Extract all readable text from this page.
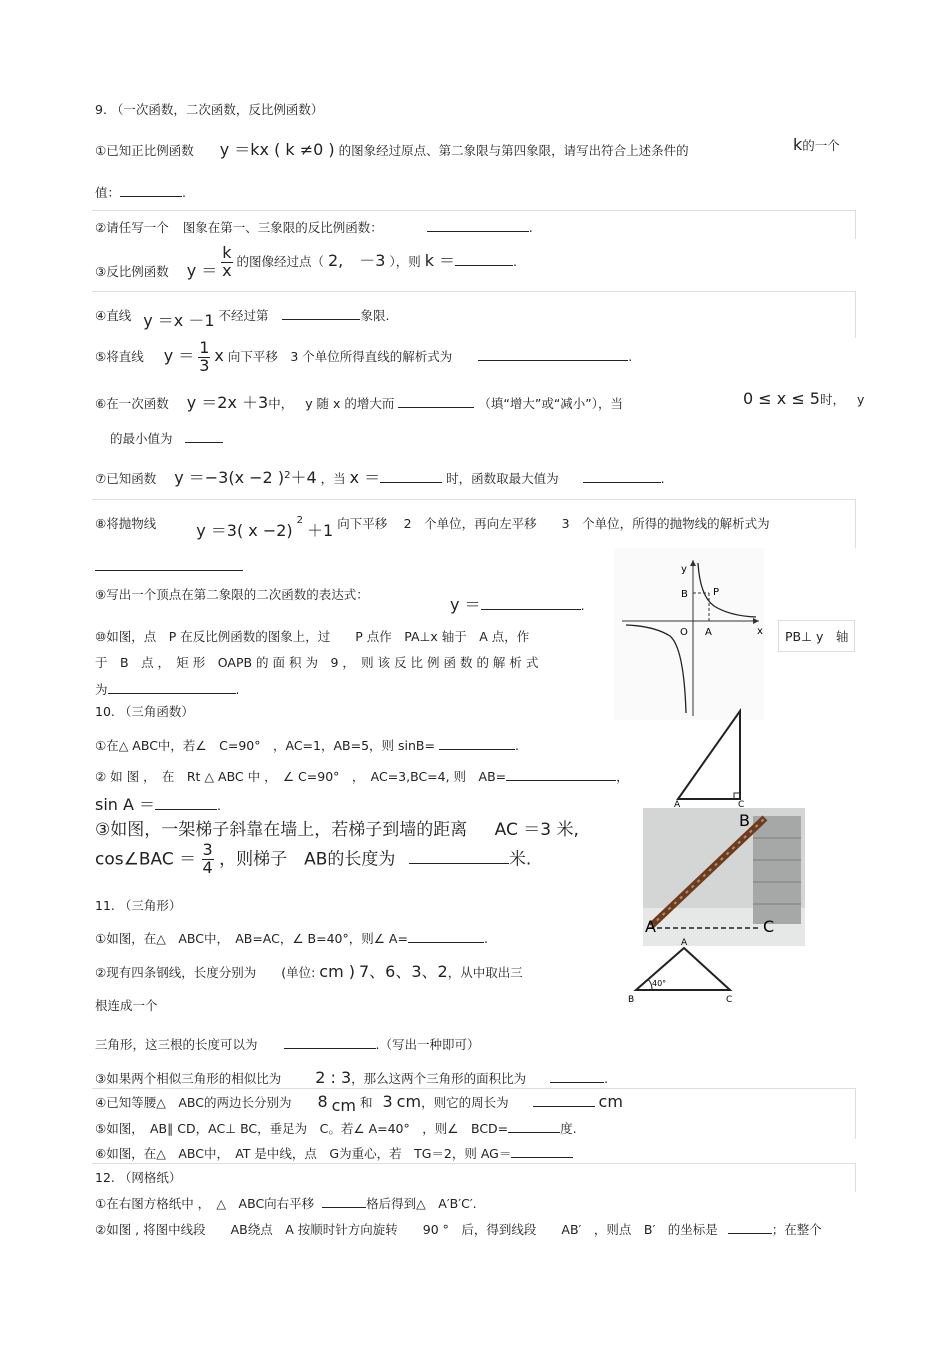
9. （一次函数，二次函数，反比例函数）
①已知正比例函数 y ＝kx ( k ≠0 ) 的图象经过原点、第二象限与第四象限，请写出符合上述条件的	k的一个
值：	.
②请任写一个 图象在第一、三象限的反比例函数：	.
③反比例函数 $y = \frac{k}{x}$ 的图像经过点（ 2,　－3 ），则 k ＝	.
④直线 y ＝x －1 不经过第	象限.
⑤将直线 $y = \frac{1}{3}$ x 向下平移　3 个单位所得直线的解析式为	.
⑥在一次函数 y ＝2x ＋3中， y 随 x 的增大而	（填“增大”或“减小”），当	0 ≤ x ≤ 5时， y
的最小值为
⑦已知函数 y ＝−3(x −2 )$^2$＋4 ，当 x ＝	时，函数取最大值为	.
⑧将抛物线 y ＝3( x −2)$^2$＋1 向下平移　 2　个单位，再向左平移　　3　个单位，所得的抛物线的解析式为
⑨写出一个顶点在第二象限的二次函数的表达式：
y ＝	.
⑩如图，点　P 在反比例函数的图象上，过　　P 点作　PA⊥x 轴于　A 点，作	PB⊥ y　轴
于　B　点 ，　矩 形　OAPB 的 面 积 为　9 ，　则 该 反 比 例 函 数 的 解 析 式
为	.
y
x
O A
B	P
10. （三角函数）
①在△ ABC中，若∠　C=90°　，AC=1，AB=5，则 sinB=	.
② 如 图 ，　在　Rt △ ABC 中 ，　∠ C=90°　，　AC=3,BC=4, 则　AB=	，
sin A ＝	.
③如图，一架梯子斜靠在墙上，若梯子到墙的距离 AC ＝3 米,
cos∠BAC ＝ $\frac{3}{4}$ ，则梯子　AB的长度为	米.
A	C
A
B
C
11. （三角形）
①如图，在△　ABC中，　AB=AC，∠ B=40°，则∠ A=	.
②现有四条钢线，长度分别为　　(单位: cm ) 7、6、3、2，从中取出三
根连成一个
三角形，这三根的长度可以为	.（写出一种即可）
A
B	C
40°
③如果两个相似三角形的相似比为 2 : 3，那么这两个三角形的面积比为	.
④已知等腰△　ABC的两边长分别为 8 cm 和 3 cm，则它的周长为	cm
⑤如图，　AB∥ CD，AC⊥ BC，垂足为　C。若∠ A=40°　，则∠　BCD=	度.
⑥如图，在△　ABC中，　AT 是中线，点　G为重心，若　TG＝2，则 AG＝
12. （网格纸）
①在右图方格纸中 ，　△　ABC向右平移	格后得到△　A′B′C′.
②如图 , 将图中线段　　AB绕点　A 按顺时针方向旋转　　90 °　后，得到线段　　AB′　，则点　B′　的坐标是	；在整个
